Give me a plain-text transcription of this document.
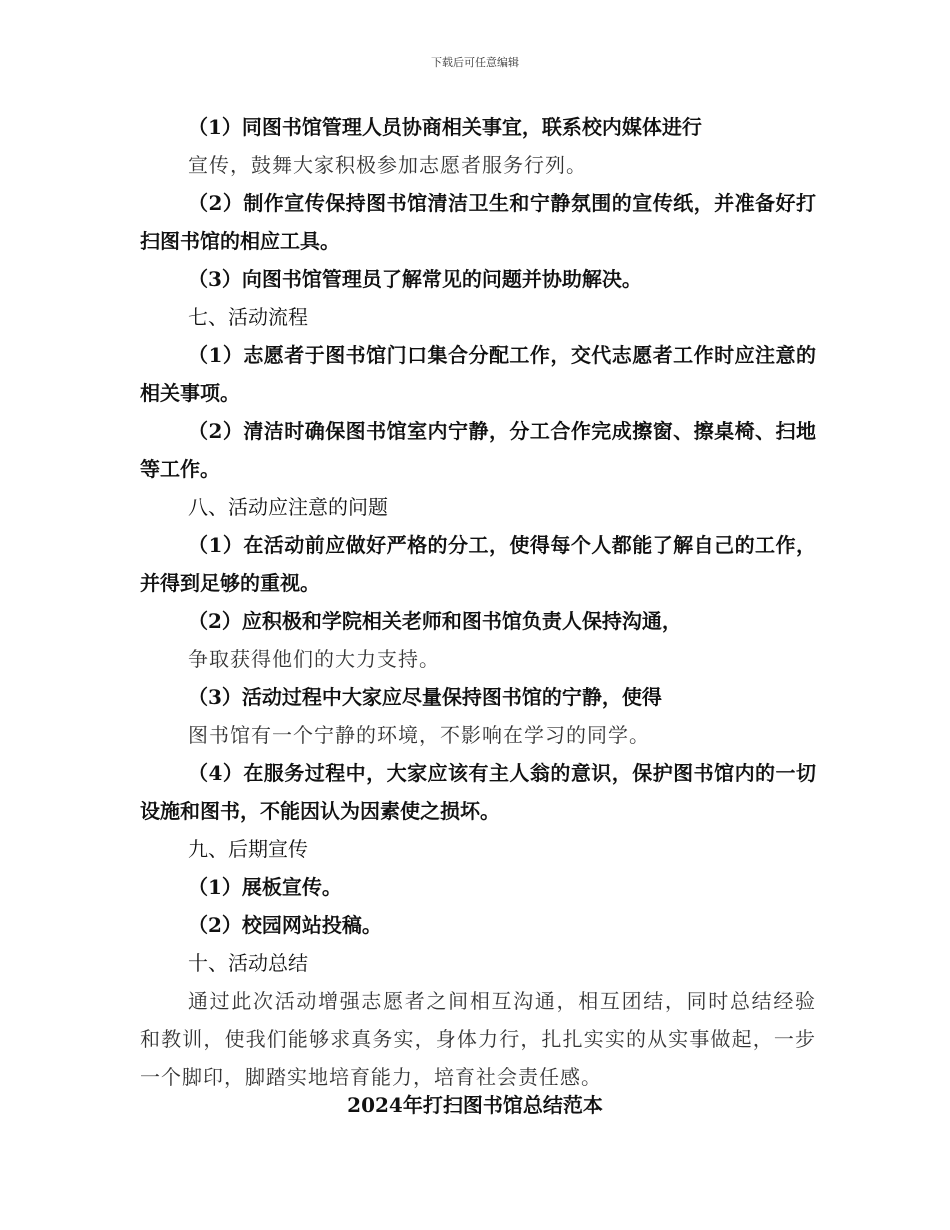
下载后可任意编辑

（1）同图书馆管理人员协商相关事宜，联系校内媒体进行

宣传，鼓舞大家积极参加志愿者服务行列。

（2）制作宣传保持图书馆清洁卫生和宁静氛围的宣传纸，并准备好打扫图书馆的相应工具。

（3）向图书馆管理员了解常见的问题并协助解决。

七、活动流程

（1）志愿者于图书馆门口集合分配工作，交代志愿者工作时应注意的相关事项。

（2）清洁时确保图书馆室内宁静，分工合作完成擦窗、擦桌椅、扫地等工作。

八、活动应注意的问题

（1）在活动前应做好严格的分工，使得每个人都能了解自己的工作，并得到足够的重视。

（2）应积极和学院相关老师和图书馆负责人保持沟通，

争取获得他们的大力支持。

（3）活动过程中大家应尽量保持图书馆的宁静，使得

图书馆有一个宁静的环境，不影响在学习的同学。

（4）在服务过程中，大家应该有主人翁的意识，保护图书馆内的一切设施和图书，不能因认为因素使之损坏。

九、后期宣传

（1）展板宣传。

（2）校园网站投稿。

十、活动总结

通过此次活动增强志愿者之间相互沟通，相互团结，同时总结经验和教训，使我们能够求真务实，身体力行，扎扎实实的从实事做起，一步一个脚印，脚踏实地培育能力，培育社会责任感。

2024年打扫图书馆总结范本
